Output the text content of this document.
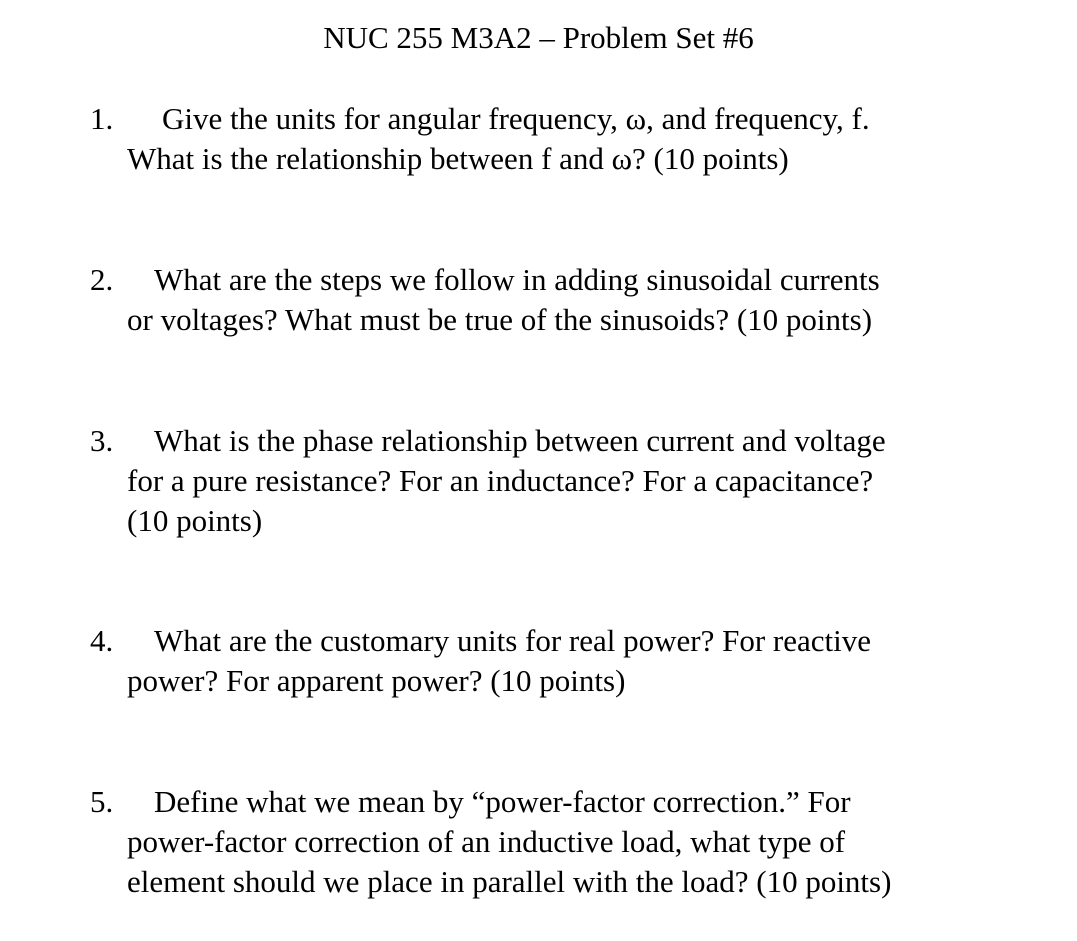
NUC 255 M3A2 – Problem Set #6
1. Give the units for angular frequency, ω, and frequency, f.
What is the relationship between f and ω? (10 points)
2. What are the steps we follow in adding sinusoidal currents
or voltages? What must be true of the sinusoids? (10 points)
3. What is the phase relationship between current and voltage
for a pure resistance? For an inductance? For a capacitance?
(10 points)
4. What are the customary units for real power? For reactive
power? For apparent power? (10 points)
5. Define what we mean by “power-factor correction.” For
power-factor correction of an inductive load, what type of
element should we place in parallel with the load? (10 points)
